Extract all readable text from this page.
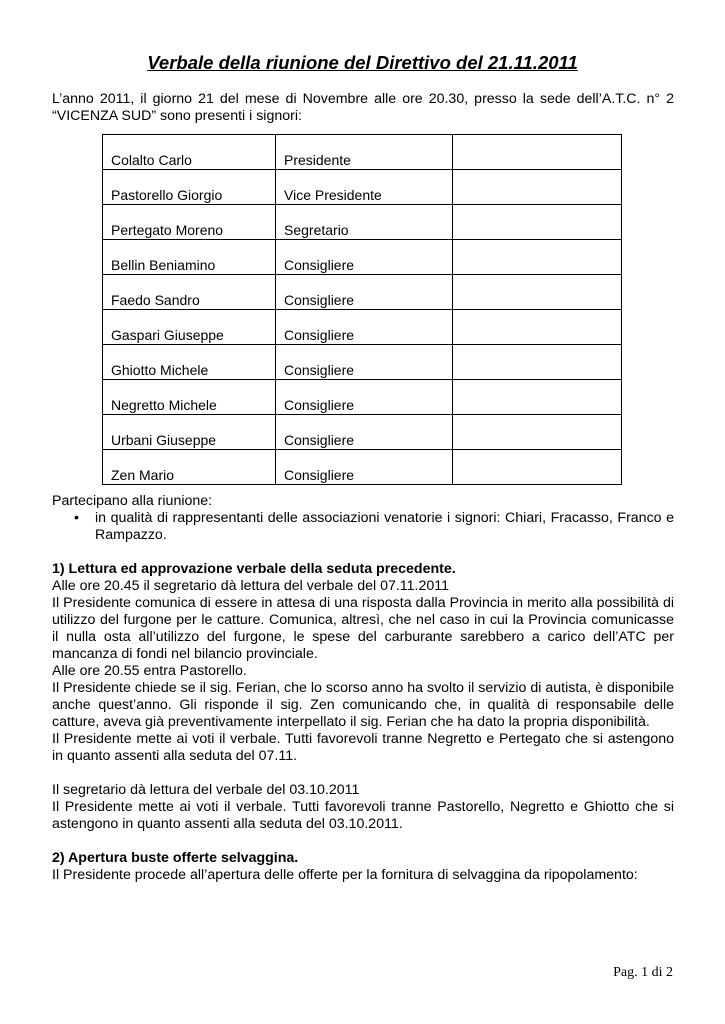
Verbale della riunione del Direttivo del 21.11.2011

L’anno 2011, il giorno 21 del mese di Novembre alle ore 20.30, presso la sede dell’A.T.C. n° 2 “VICENZA SUD” sono presenti i signori:

Colalto Carlo	Presidente	
Pastorello Giorgio	Vice Presidente	
Pertegato Moreno	Segretario	
Bellin Beniamino	Consigliere	
Faedo Sandro	Consigliere	
Gaspari Giuseppe	Consigliere	
Ghiotto Michele	Consigliere	
Negretto Michele	Consigliere	
Urbani Giuseppe	Consigliere	
Zen Mario	Consigliere	

Partecipano alla riunione:

• in qualità di rappresentanti delle associazioni venatorie i signori: Chiari, Fracasso, Franco e Rampazzo.

1) Lettura ed approvazione verbale della seduta precedente.

Alle ore 20.45 il segretario dà lettura del verbale del 07.11.2011

Il Presidente comunica di essere in attesa di una risposta dalla Provincia in merito alla possibilità di utilizzo del furgone per le catture. Comunica, altresì, che nel caso in cui la Provincia comunicasse il nulla osta all’utilizzo del furgone, le spese del carburante sarebbero a carico dell’ATC per mancanza di fondi nel bilancio provinciale.

Alle ore 20.55 entra Pastorello.

Il Presidente chiede se il sig. Ferian, che lo scorso anno ha svolto il servizio di autista, è disponibile anche quest’anno. Gli risponde il sig. Zen comunicando che, in qualità di responsabile delle catture, aveva già preventivamente interpellato il sig. Ferian che ha dato la propria disponibilità.

Il Presidente mette ai voti il verbale. Tutti favorevoli tranne Negretto e Pertegato che si astengono in quanto assenti alla seduta del 07.11.

Il segretario dà lettura del verbale del 03.10.2011

Il Presidente mette ai voti il verbale. Tutti favorevoli tranne Pastorello, Negretto e Ghiotto che si astengono in quanto assenti alla seduta del 03.10.2011.

2) Apertura buste offerte selvaggina.

Il Presidente procede all’apertura delle offerte per la fornitura di selvaggina da ripopolamento:

Pag. 1 di 2
